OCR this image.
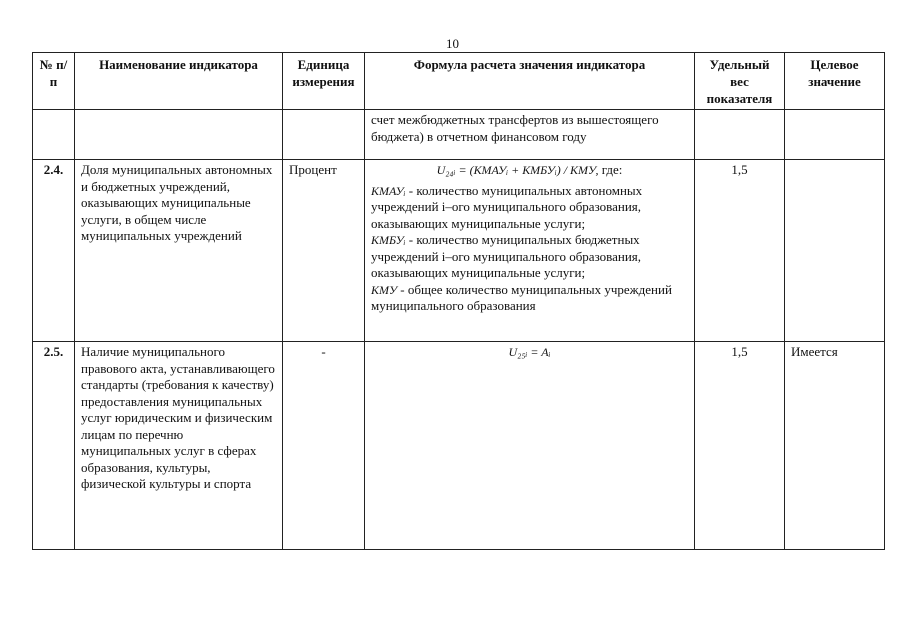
10
№ п/п	Наименование индикатора	Единица измерения	Формула расчета значения индикатора	Удельный вес показателя	Целевое значение
			счет межбюджетных трансфертов из вышестоящего бюджета) в отчетном финансовом году		
2.4.	Доля муниципальных автономных и бюджетных учреждений, оказывающих муниципальные услуги, в общем числе муниципальных учреждений	Процент	U₂₄ᵢ = (КМАУᵢ + КМБУᵢ) / КМУ, где:
КМАУᵢ - количество муниципальных автономных учреждений i–ого муниципального образования, оказывающих муниципальные услуги;
КМБУᵢ - количество муниципальных бюджетных учреждений i–ого муниципального образования, оказывающих муниципальные услуги;
КМУ - общее количество муниципальных учреждений муниципального образования	1,5	
2.5.	Наличие муниципального правового акта, устанавливающего стандарты (требования к качеству) предоставления муниципальных услуг юридическим и физическим лицам по перечню муниципальных услуг в сферах образования, культуры, физической культуры и спорта	-	U₂₅ᵢ = Aᵢ	1,5	Имеется
